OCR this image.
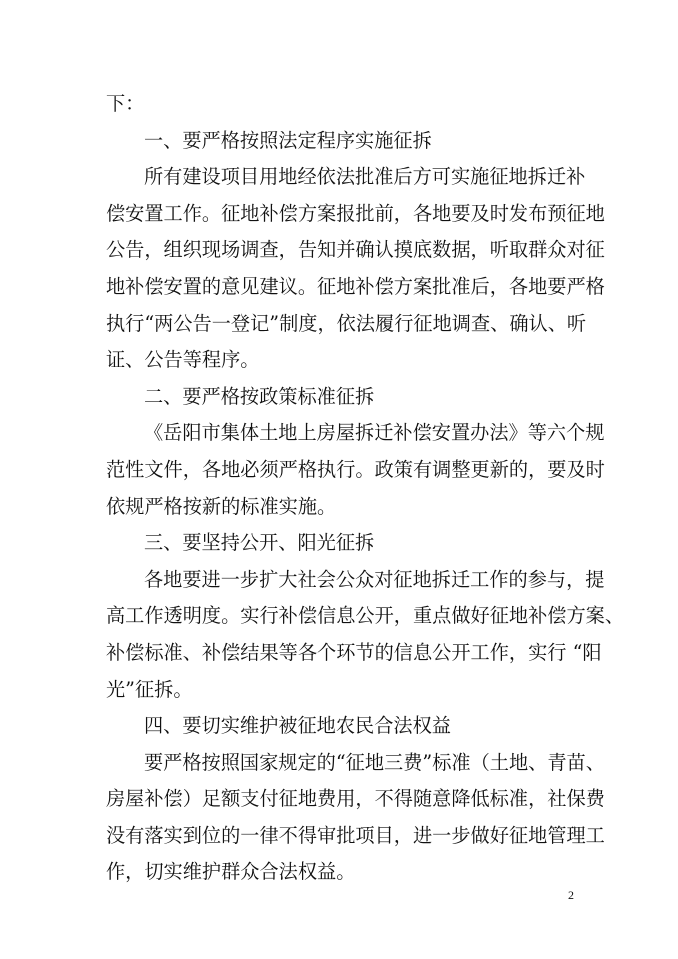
下：

一、要严格按照法定程序实施征拆

所有建设项目用地经依法批准后方可实施征地拆迁补
偿安置工作。征地补偿方案报批前，各地要及时发布预征地
公告，组织现场调查，告知并确认摸底数据，听取群众对征
地补偿安置的意见建议。征地补偿方案批准后，各地要严格
执行“两公告一登记”制度，依法履行征地调查、确认、听
证、公告等程序。

二、要严格按政策标准征拆

《岳阳市集体土地上房屋拆迁补偿安置办法》等六个规
范性文件，各地必须严格执行。政策有调整更新的，要及时
依规严格按新的标准实施。

三、要坚持公开、阳光征拆

各地要进一步扩大社会公众对征地拆迁工作的参与，提
高工作透明度。实行补偿信息公开，重点做好征地补偿方案、
补偿标准、补偿结果等各个环节的信息公开工作，实行 “阳
光”征拆。

四、要切实维护被征地农民合法权益

要严格按照国家规定的“征地三费”标准（土地、青苗、
房屋补偿）足额支付征地费用，不得随意降低标准，社保费
没有落实到位的一律不得审批项目，进一步做好征地管理工
作，切实维护群众合法权益。

2
